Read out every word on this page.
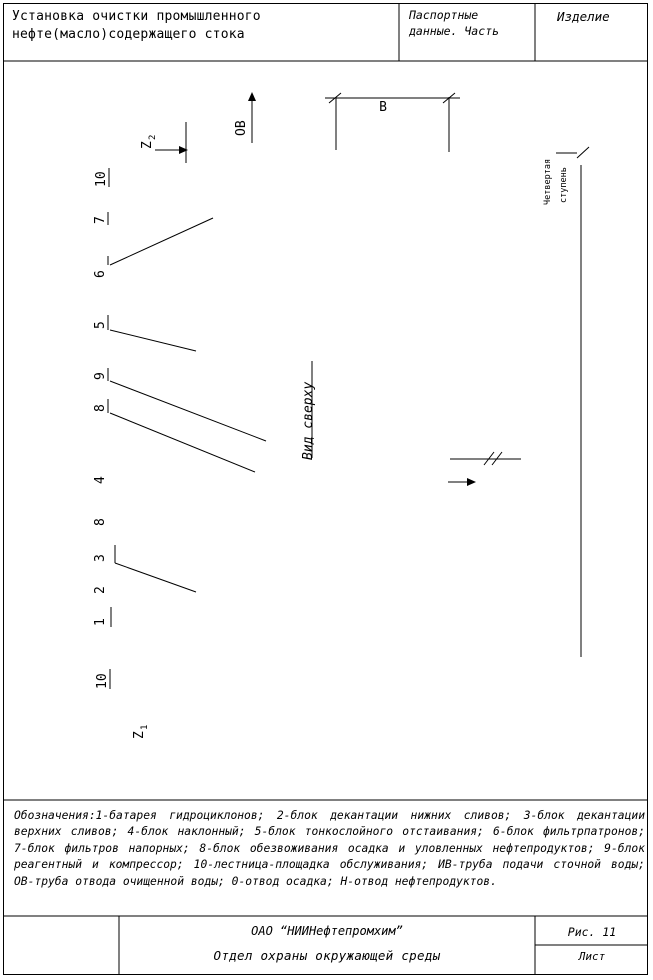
B
OB
Z
2
Z
1
Вид сверху
Четвертая ступень
10
7
6
5
9
8
4
8
3
2
1
10
Установка очистки промышленного
нефте(масло)содержащего стока
Паспортные
данные. Часть
Изделие
Обозначения:1-батарея гидроциклонов; 2-блок декантации нижних сливов; 3-блок декантации верхних сливов; 4-блок наклонный; 5-блок тонкослойного отстаивания; 6-блок фильтрпатронов; 7-блок фильтров напорных; 8-блок обезвоживания осадка и уловленных нефтепродуктов; 9-блок реагентный и компрессор; 10-лестница-площадка обслуживания; ИВ-труба подачи сточной воды; ОВ-труба отвода очищенной воды; 0-отвод осадка; Н-отвод нефтепродуктов.
ОАО “НИИНефтепромхим”
Отдел охраны окружающей среды
Рис. 11
Лист
